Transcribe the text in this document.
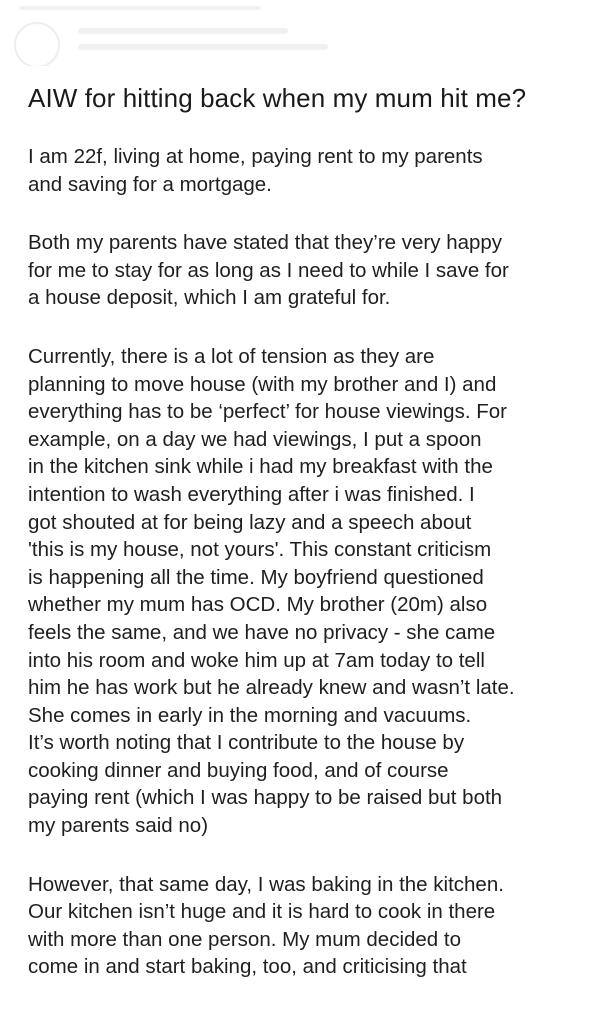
AIW for hitting back when my mum hit me?

I am 22f, living at home, paying rent to my parents
and saving for a mortgage.

Both my parents have stated that they’re very happy
for me to stay for as long as I need to while I save for
a house deposit, which I am grateful for.

Currently, there is a lot of tension as they are
planning to move house (with my brother and I) and
everything has to be ‘perfect’ for house viewings. For
example, on a day we had viewings, I put a spoon
in the kitchen sink while i had my breakfast with the
intention to wash everything after i was finished. I
got shouted at for being lazy and a speech about
'this is my house, not yours'. This constant criticism
is happening all the time. My boyfriend questioned
whether my mum has OCD. My brother (20m) also
feels the same, and we have no privacy - she came
into his room and woke him up at 7am today to tell
him he has work but he already knew and wasn’t late.
She comes in early in the morning and vacuums.
It’s worth noting that I contribute to the house by
cooking dinner and buying food, and of course
paying rent (which I was happy to be raised but both
my parents said no)

However, that same day, I was baking in the kitchen.
Our kitchen isn’t huge and it is hard to cook in there
with more than one person. My mum decided to
come in and start baking, too, and criticising that
